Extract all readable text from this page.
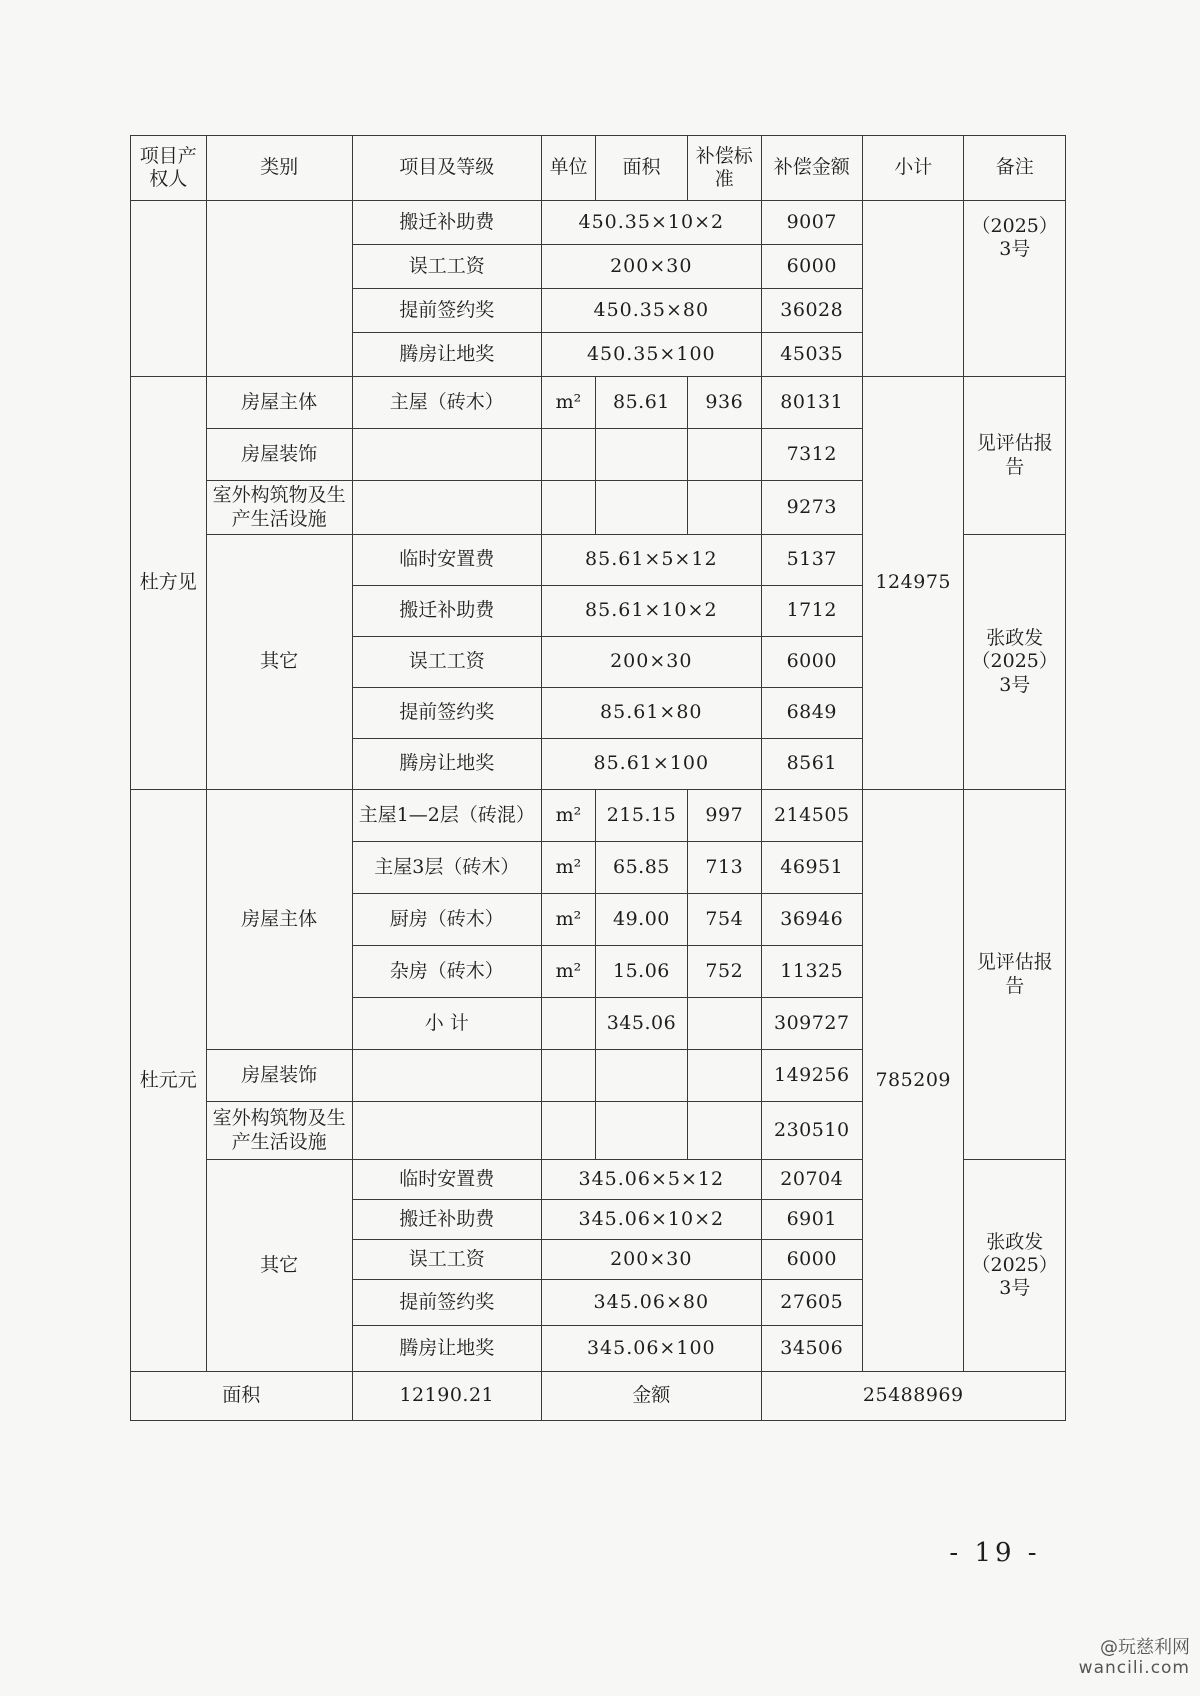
项目产权人	类别	项目及等级	单位	面积	补偿标准	补偿金额	小计	备注
		搬迁补助费	450.35×10×2			9007		（2025）3号
		误工工资	200×30			6000		
		提前签约奖	450.35×80			36028		
		腾房让地奖	450.35×100			45035		
杜方见	房屋主体	主屋（砖木）	m²	85.61	936	80131	124975	见评估报告
	房屋装饰					7312		
	室外构筑物及生产生活设施					9273		
	其它	临时安置费	85.61×5×12			5137		张政发（2025）3号
		搬迁补助费	85.61×10×2			1712		
		误工工资	200×30			6000		
		提前签约奖	85.61×80			6849		
		腾房让地奖	85.61×100			8561		
杜元元	房屋主体	主屋1—2层（砖混）	m²	215.15	997	214505	785209	见评估报告
		主屋3层（砖木）	m²	65.85	713	46951		
		厨房（砖木）	m²	49.00	754	36946		
		杂房（砖木）	m²	15.06	752	11325		
		小 计		345.06		309727		
	房屋装饰					149256		
	室外构筑物及生产生活设施					230510		
	其它	临时安置费	345.06×5×12			20704		张政发（2025）3号
		搬迁补助费	345.06×10×2			6901		
		误工工资	200×30			6000		
		提前签约奖	345.06×80			27605		
		腾房让地奖	345.06×100			34506		
面积		12190.21	金额			25488969		
- 19 -
@玩慈利网
wancili.com
